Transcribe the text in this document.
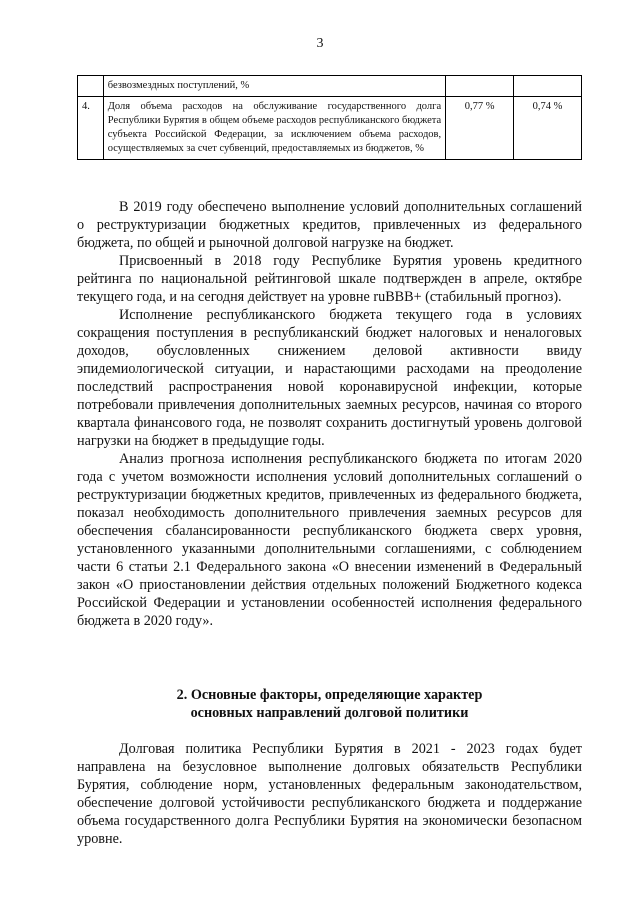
3
	безвозмездных поступлений, %		
4.	Доля объема расходов на обслуживание государственного долга Республики Бурятия в общем объеме расходов республиканского бюджета субъекта Российской Федерации, за исключением объема расходов, осуществляемых за счет субвенций, предоставляемых из бюджетов, %	0,77 %	0,74 %

В 2019 году обеспечено выполнение условий дополнительных соглашений о реструктуризации бюджетных кредитов, привлеченных из федерального бюджета, по общей и рыночной долговой нагрузке на бюджет.

Присвоенный в 2018 году Республике Бурятия уровень кредитного рейтинга по национальной рейтинговой шкале подтвержден в апреле, октябре текущего года, и на сегодня действует на уровне ruBBB+ (стабильный прогноз).

Исполнение республиканского бюджета текущего года в условиях сокращения поступления в республиканский бюджет налоговых и неналоговых доходов, обусловленных снижением деловой активности ввиду эпидемиологической ситуации, и нарастающими расходами на преодоление последствий распространения новой коронавирусной инфекции, которые потребовали привлечения дополнительных заемных ресурсов, начиная со второго квартала финансового года, не позволят сохранить достигнутый уровень долговой нагрузки на бюджет в предыдущие годы.

Анализ прогноза исполнения республиканского бюджета по итогам 2020 года с учетом возможности исполнения условий дополнительных соглашений о реструктуризации бюджетных кредитов, привлеченных из федерального бюджета, показал необходимость дополнительного привлечения заемных ресурсов для обеспечения сбалансированности республиканского бюджета сверх уровня, установленного указанными дополнительными соглашениями, с соблюдением части 6 статьи 2.1 Федерального закона «О внесении изменений в Федеральный закон «О приостановлении действия отдельных положений Бюджетного кодекса Российской Федерации и установлении особенностей исполнения федерального бюджета в 2020 году».

2. Основные факторы, определяющие характер
основных направлений долговой политики

Долговая политика Республики Бурятия в 2021 - 2023 годах будет направлена на безусловное выполнение долговых обязательств Республики Бурятия, соблюдение норм, установленных федеральным законодательством, обеспечение долговой устойчивости республиканского бюджета и поддержание объема государственного долга Республики Бурятия на экономически безопасном уровне.
